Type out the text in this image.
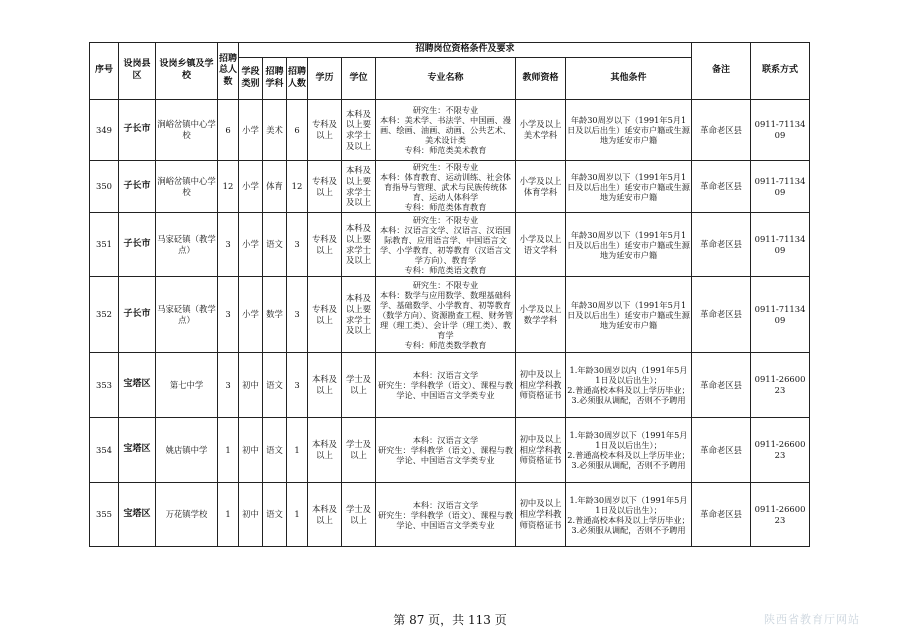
序号	设岗县区	设岗乡镇及学校	招聘总人数	招聘岗位资格条件及要求								备注	联系方式
				学段类别	招聘学科	招聘人数	学历	学位	专业名称	教师资格	其他条件		
349	子长市	涧峪岔镇中心学校	6	小学	美术	6	专科及以上	本科及以上要求学士及以上	研究生：不限专业
本科：美术学、书法学、中国画、漫画、绘画、油画、动画、公共艺术、美术设计类
专科：师范类美术教育	小学及以上美术学科	年龄30周岁以下（1991年5月1日及以后出生）延安市户籍或生源地为延安市户籍	革命老区县	0911-7113409
350	子长市	涧峪岔镇中心学校	12	小学	体育	12	专科及以上	本科及以上要求学士及以上	研究生：不限专业
本科：体育教育、运动训练、社会体育指导与管理、武术与民族传统体育、运动人体科学
专科：师范类体育教育	小学及以上体育学科	年龄30周岁以下（1991年5月1日及以后出生）延安市户籍或生源地为延安市户籍	革命老区县	0911-7113409
351	子长市	马家砭镇（教学点）	3	小学	语文	3	专科及以上	本科及以上要求学士及以上	研究生：不限专业
本科：汉语言文学、汉语言、汉语国际教育、应用语言学、中国语言文学、小学教育、初等教育（汉语言文学方向）、教育学
专科：师范类语文教育	小学及以上语文学科	年龄30周岁以下（1991年5月1日及以后出生）延安市户籍或生源地为延安市户籍	革命老区县	0911-7113409
352	子长市	马家砭镇（教学点）	3	小学	数学	3	专科及以上	本科及以上要求学士及以上	研究生：不限专业
本科：数学与应用数学、数理基础科学、基础数学、小学教育、初等教育（数学方向）、资源勘查工程、财务管理（理工类）、会计学（理工类）、教育学
专科：师范类数学教育	小学及以上数学学科	年龄30周岁以下（1991年5月1日及以后出生）延安市户籍或生源地为延安市户籍	革命老区县	0911-7113409
353	宝塔区	第七中学	3	初中	语文	3	本科及以上	学士及以上	本科：汉语言文学
研究生：学科教学（语文）、课程与教学论、中国语言文学类专业	初中及以上相应学科教师资格证书	1.年龄30周岁以内（1991年5月1日及以后出生）；
2.普通高校本科及以上学历毕业；
3.必须服从调配，否则不予聘用	革命老区县	0911-2660023
354	宝塔区	姚店镇中学	1	初中	语文	1	本科及以上	学士及以上	本科：汉语言文学
研究生：学科教学（语文）、课程与教学论、中国语言文学类专业	初中及以上相应学科教师资格证书	1.年龄30周岁以下（1991年5月1日及以后出生）；
2.普通高校本科及以上学历毕业；
3.必须服从调配，否则不予聘用	革命老区县	0911-2660023
355	宝塔区	万花镇学校	1	初中	语文	1	本科及以上	学士及以上	本科：汉语言文学
研究生：学科教学（语文）、课程与教学论、中国语言文学类专业	初中及以上相应学科教师资格证书	1.年龄30周岁以下（1991年5月1日及以后出生）；
2.普通高校本科及以上学历毕业；
3.必须服从调配，否则不予聘用	革命老区县	0911-2660023
第 87 页，共 113 页	陕西省教育厅网站
